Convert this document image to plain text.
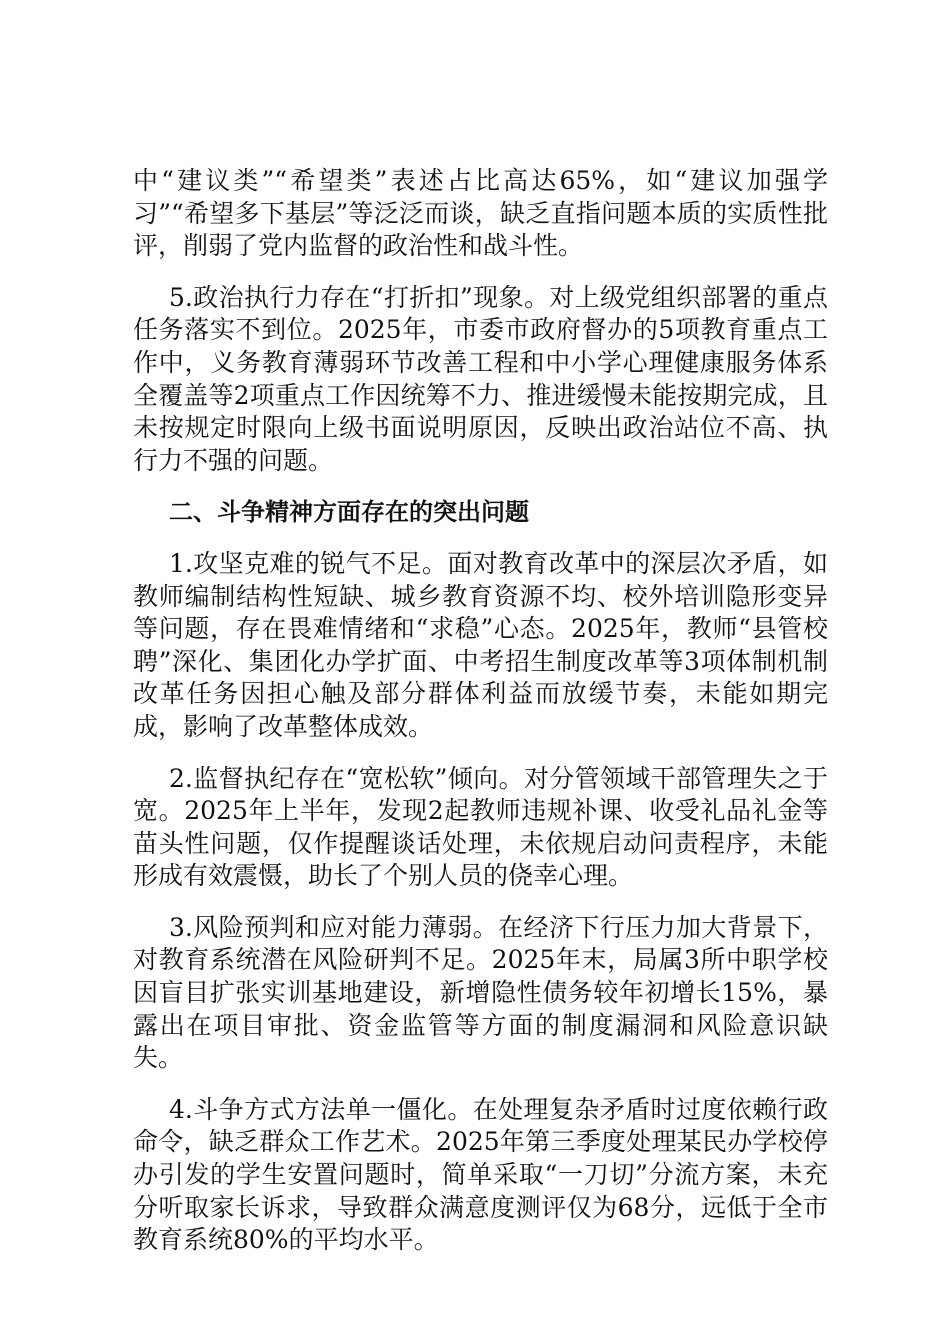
中“建议类”“希望类”表述占比高达65%，如“建议加强学习”“希望多下基层”等泛泛而谈，缺乏直指问题本质的实质性批评，削弱了党内监督的政治性和战斗性。

5.政治执行力存在“打折扣”现象。对上级党组织部署的重点任务落实不到位。2025年，市委市政府督办的5项教育重点工作中，义务教育薄弱环节改善工程和中小学心理健康服务体系全覆盖等2项重点工作因统筹不力、推进缓慢未能按期完成，且未按规定时限向上级书面说明原因，反映出政治站位不高、执行力不强的问题。

二、斗争精神方面存在的突出问题

1.攻坚克难的锐气不足。面对教育改革中的深层次矛盾，如教师编制结构性短缺、城乡教育资源不均、校外培训隐形变异等问题，存在畏难情绪和“求稳”心态。2025年，教师“县管校聘”深化、集团化办学扩面、中考招生制度改革等3项体制机制改革任务因担心触及部分群体利益而放缓节奏，未能如期完成，影响了改革整体成效。

2.监督执纪存在“宽松软”倾向。对分管领域干部管理失之于宽。2025年上半年，发现2起教师违规补课、收受礼品礼金等苗头性问题，仅作提醒谈话处理，未依规启动问责程序，未能形成有效震慑，助长了个别人员的侥幸心理。

3.风险预判和应对能力薄弱。在经济下行压力加大背景下，对教育系统潜在风险研判不足。2025年末，局属3所中职学校因盲目扩张实训基地建设，新增隐性债务较年初增长15%，暴露出在项目审批、资金监管等方面的制度漏洞和风险意识缺失。

4.斗争方式方法单一僵化。在处理复杂矛盾时过度依赖行政命令，缺乏群众工作艺术。2025年第三季度处理某民办学校停办引发的学生安置问题时，简单采取“一刀切”分流方案，未充分听取家长诉求，导致群众满意度测评仅为68分，远低于全市教育系统80%的平均水平。
